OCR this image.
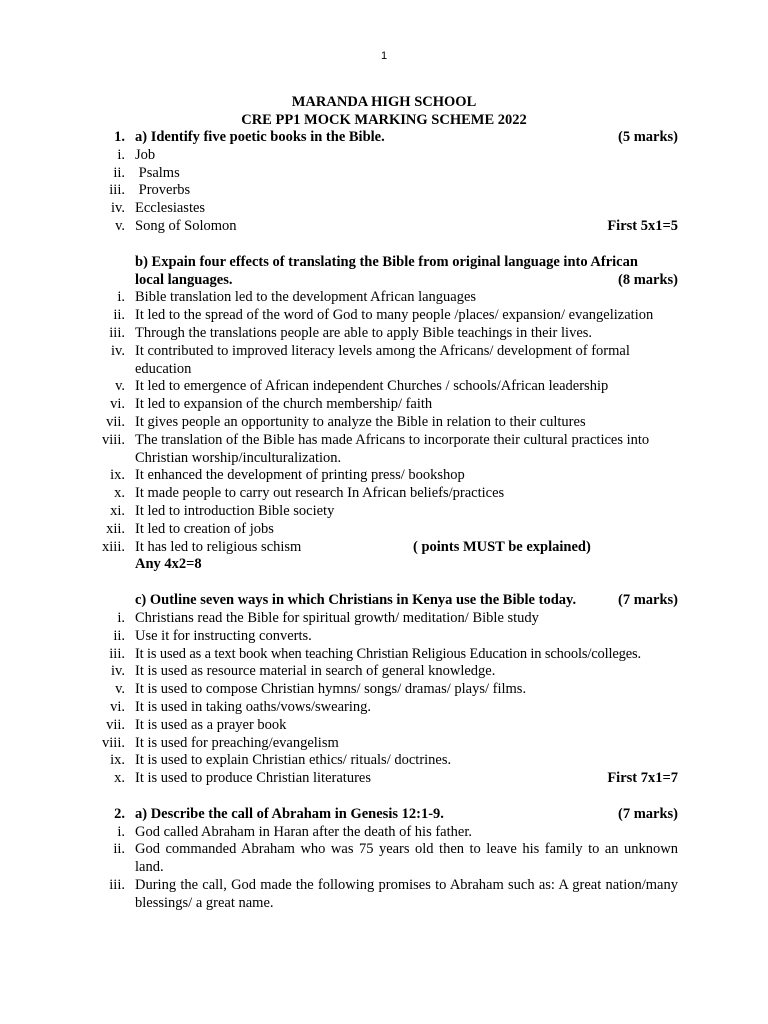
1
MARANDA HIGH SCHOOL
CRE PP1 MOCK MARKING SCHEME 2022
1. a) Identify five poetic books in the Bible.	(5 marks)
i. Job
ii. Psalms
iii. Proverbs
iv. Ecclesiastes
v. Song of Solomon	First 5x1=5
b) Expain four effects of translating the Bible from original language into African
local languages.	(8 marks)
i. Bible translation led to the development African languages
ii. It led to the spread of the word of God to many people /places/ expansion/ evangelization
iii. Through the translations people are able to apply Bible teachings in their lives.
iv. It contributed to improved literacy levels among the Africans/ development of formal education
v. It led to emergence of African independent Churches / schools/African leadership
vi. It led to expansion of the church membership/ faith
vii. It gives people an opportunity to analyze the Bible in relation to their cultures
viii. The translation of the Bible has made Africans to incorporate their cultural practices into Christian worship/inculturalization.
ix. It enhanced the development of printing press/ bookshop
x. It made people to carry out research In African beliefs/practices
xi. It led to introduction Bible society
xii. It led to creation of jobs
xiii. It has led to religious schism	( points MUST be explained)
Any 4x2=8
c) Outline seven ways in which Christians in Kenya use the Bible today.	(7 marks)
i. Christians read the Bible for spiritual growth/ meditation/ Bible study
ii. Use it for instructing converts.
iii. It is used as a text book when teaching Christian Religious Education in schools/colleges.
iv. It is used as resource material in search of general knowledge.
v. It is used to compose Christian hymns/ songs/ dramas/ plays/ films.
vi. It is used in taking oaths/vows/swearing.
vii. It is used as a prayer book
viii. It is used for preaching/evangelism
ix. It is used to explain Christian ethics/ rituals/ doctrines.
x. It is used to produce Christian literatures	First 7x1=7
2. a) Describe the call of Abraham in Genesis 12:1-9.	(7 marks)
i. God called Abraham in Haran after the death of his father.
ii. God commanded Abraham who was 75 years old then to leave his family to an unknown land.
iii. During the call, God made the following promises to Abraham such as: A great nation/many blessings/ a great name.
